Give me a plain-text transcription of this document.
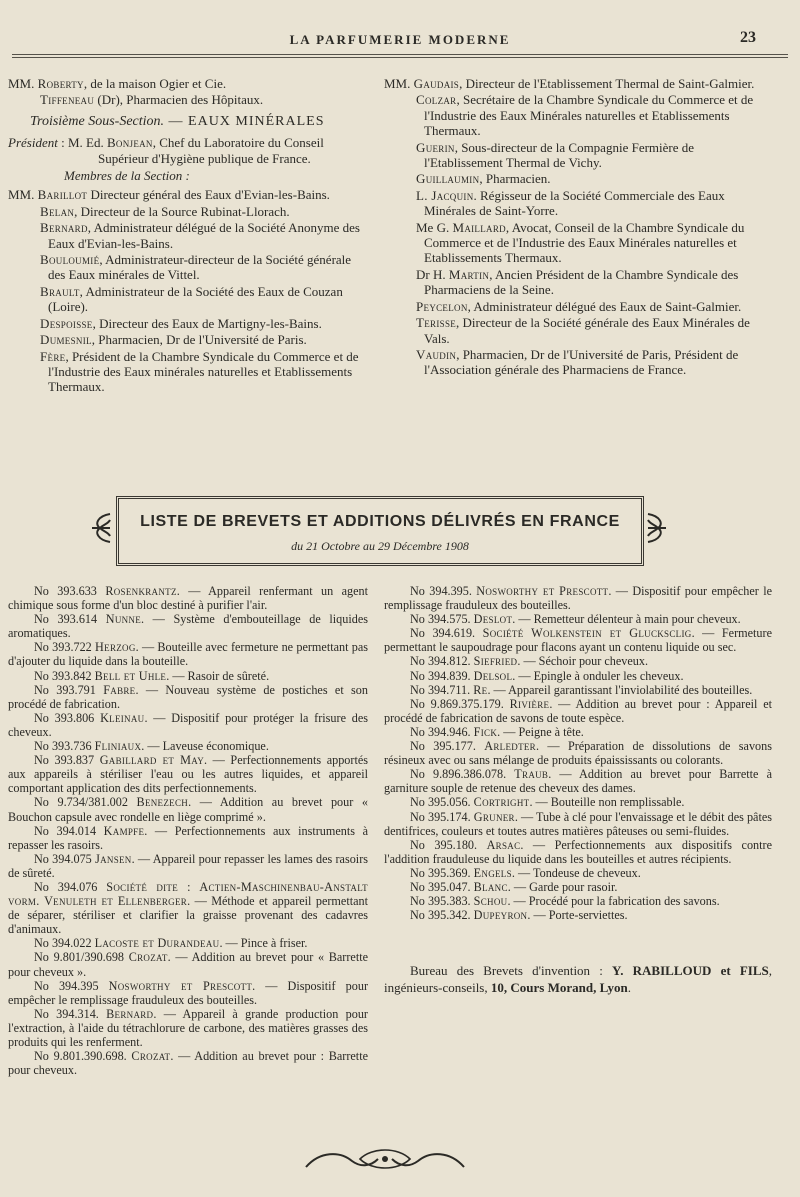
LA PARFUMERIE MODERNE	23

MM. Roberty, de la maison Ogier et Cie.

Tiffeneau (Dr), Pharmacien des Hôpitaux.

Troisième Sous-Section. — EAUX MINÉRALES

Président : M. Ed. Bonjean, Chef du Laboratoire du Conseil Supérieur d'Hygiène publique de France.

Membres de la Section :

MM. Barillot Directeur général des Eaux d'Evian-les-Bains.

Belan, Directeur de la Source Rubinat-Llorach.

Bernard, Administrateur délégué de la Société Anonyme des Eaux d'Evian-les-Bains.

Bouloumié, Administrateur-directeur de la Société générale des Eaux minérales de Vittel.

Brault, Administrateur de la Société des Eaux de Couzan (Loire).

Despoisse, Directeur des Eaux de Martigny-les-Bains.

Dumesnil, Pharmacien, Dr de l'Université de Paris.

Fère, Président de la Chambre Syndicale du Commerce et de l'Industrie des Eaux minérales naturelles et Etablissements Thermaux.

MM. Gaudais, Directeur de l'Etablissement Thermal de Saint-Galmier.

Colzar, Secrétaire de la Chambre Syndicale du Commerce et de l'Industrie des Eaux Minérales naturelles et Etablissements Thermaux.

Guerin, Sous-directeur de la Compagnie Fermière de l'Etablissement Thermal de Vichy.

Guillaumin, Pharmacien.

L. Jacquin. Régisseur de la Société Commerciale des Eaux Minérales de Saint-Yorre.

Me G. Maillard, Avocat, Conseil de la Chambre Syndicale du Commerce et de l'Industrie des Eaux Minérales naturelles et Etablissements Thermaux.

Dr H. Martin, Ancien Président de la Chambre Syndicale des Pharmaciens de la Seine.

Peycelon, Administrateur délégué des Eaux de Saint-Galmier.

Terisse, Directeur de la Société générale des Eaux Minérales de Vals.

Vaudin, Pharmacien, Dr de l'Université de Paris, Président de l'Association générale des Pharmaciens de France.

LISTE DE BREVETS ET ADDITIONS DÉLIVRÉS EN FRANCE
du 21 Octobre au 29 Décembre 1908

No 393.633 Rosenkrantz. — Appareil renfermant un agent chimique sous forme d'un bloc destiné à purifier l'air.

No 393.614 Nunne. — Système d'embouteillage de liquides aromatiques.

No 393.722 Herzog. — Bouteille avec fermeture ne permettant pas d'ajouter du liquide dans la bouteille.

No 393.842 Bell et Uhle. — Rasoir de sûreté.

No 393.791 Fabre. — Nouveau système de postiches et son procédé de fabrication.

No 393.806 Kleinau. — Dispositif pour protéger la frisure des cheveux.

No 393.736 Fliniaux. — Laveuse économique.

No 393.837 Gabillard et May. — Perfectionnements apportés aux appareils à stériliser l'eau ou les autres liquides, et appareil comportant application des dits perfectionnements.

No 9.734/381.002 Benezech. — Addition au brevet pour « Bouchon capsule avec rondelle en liège comprimé ».

No 394.014 Kampfe. — Perfectionnements aux instruments à repasser les rasoirs.

No 394.075 Jansen. — Appareil pour repasser les lames des rasoirs de sûreté.

No 394.076 Société dite : Actien-Maschinenbau-Anstalt vorm. Venuleth et Ellenberger. — Méthode et appareil permettant de séparer, stériliser et clarifier la graisse provenant des cadavres d'animaux.

No 394.022 Lacoste et Durandeau. — Pince à friser.

No 9.801/390.698 Crozat. — Addition au brevet pour « Barrette pour cheveux ».

No 394.395 Nosworthy et Prescott. — Dispositif pour empêcher le remplissage frauduleux des bouteilles.

No 394.314. Bernard. — Appareil à grande production pour l'extraction, à l'aide du tétrachlorure de carbone, des matières grasses des produits qui les renferment.

No 9.801.390.698. Crozat. — Addition au brevet pour : Barrette pour cheveux.

No 394.395. Nosworthy et Prescott. — Dispositif pour empêcher le remplissage frauduleux des bouteilles.

No 394.575. Deslot. — Remetteur délenteur à main pour cheveux.

No 394.619. Société Wolkenstein et Glucksclig. — Fermeture permettant le saupoudrage pour flacons ayant un contenu liquide ou sec.

No 394.812. Siefried. — Séchoir pour cheveux.

No 394.839. Delsol. — Epingle à onduler les cheveux.

No 394.711. Re. — Appareil garantissant l'inviolabilité des bouteilles.

No 9.869.375.179. Rivière. — Addition au brevet pour : Appareil et procédé de fabrication de savons de toute espèce.

No 394.946. Fick. — Peigne à tête.

No 395.177. Arledter. — Préparation de dissolutions de savons résineux avec ou sans mélange de produits épaississants ou colorants.

No 9.896.386.078. Traub. — Addition au brevet pour Barrette à garniture souple de retenue des cheveux des dames.

No 395.056. Cortright. — Bouteille non remplissable.

No 395.174. Gruner. — Tube à clé pour l'envaissage et le débit des pâtes dentifrices, couleurs et toutes autres matières pâteuses ou semi-fluides.

No 395.180. Arsac. — Perfectionnements aux dispositifs contre l'addition frauduleuse du liquide dans les bouteilles et autres récipients.

No 395.369. Engels. — Tondeuse de cheveux.

No 395.047. Blanc. — Garde pour rasoir.

No 395.383. Schou. — Procédé pour la fabrication des savons.

No 395.342. Dupeyron. — Porte-serviettes.

Bureau des Brevets d'invention : Y. RABILLOUD et FILS, ingénieurs-conseils, 10, Cours Morand, Lyon.
